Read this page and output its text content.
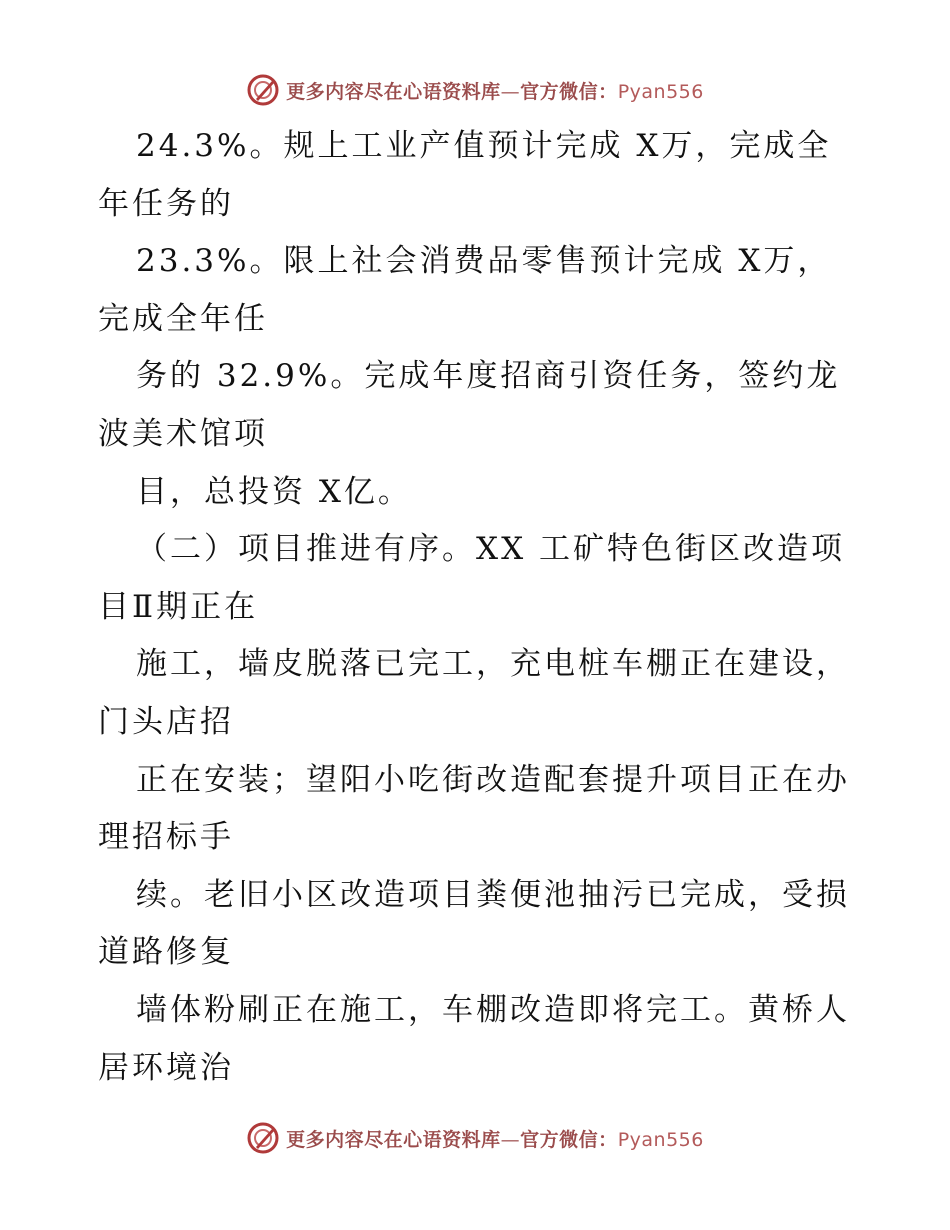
更多内容尽在心语资料库—官方微信：Pyan556
24.3%。规上工业产值预计完成 X万，完成全
年任务的
23.3%。限上社会消费品零售预计完成 X万，
完成全年任
务的 32.9%。完成年度招商引资任务，签约龙
波美术馆项
目，总投资 X亿。
（二）项目推进有序。XX 工矿特色街区改造项
目Ⅱ期正在
施工，墙皮脱落已完工，充电桩车棚正在建设，
门头店招
正在安装；望阳小吃街改造配套提升项目正在办
理招标手
续。老旧小区改造项目粪便池抽污已完成，受损
道路修复
墙体粉刷正在施工，车棚改造即将完工。黄桥人
居环境治
更多内容尽在心语资料库—官方微信：Pyan556
